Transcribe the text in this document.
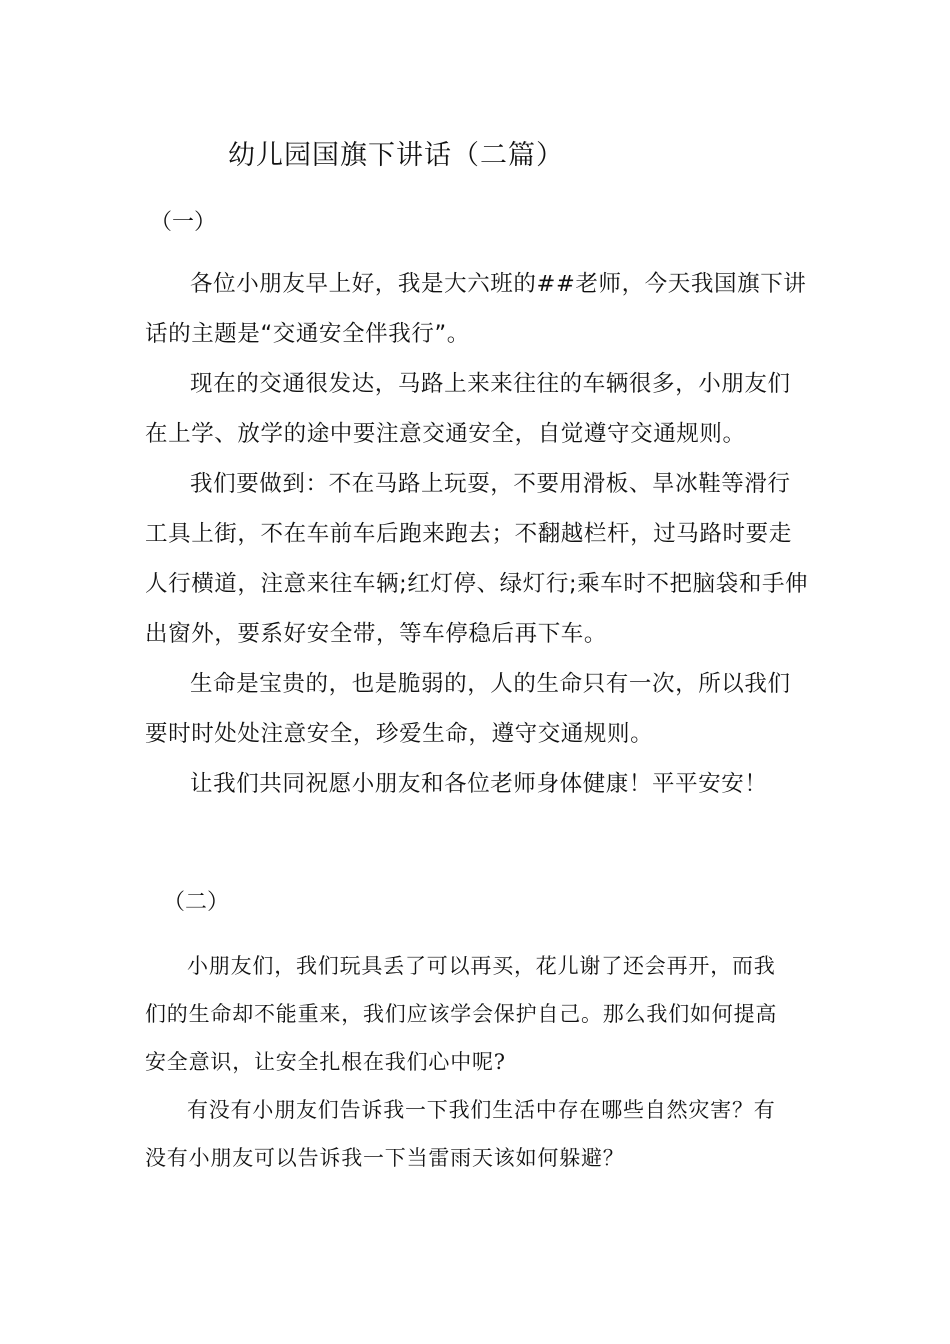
幼儿园国旗下讲话（二篇）
（一）

各位小朋友早上好，我是大六班的##老师，今天我国旗下讲话的主题是“交通安全伴我行”。

现在的交通很发达，马路上来来往往的车辆很多，小朋友们在上学、放学的途中要注意交通安全，自觉遵守交通规则。

我们要做到：不在马路上玩耍，不要用滑板、旱冰鞋等滑行工具上街，不在车前车后跑来跑去；不翻越栏杆，过马路时要走人行横道，注意来往车辆;红灯停、绿灯行;乘车时不把脑袋和手伸出窗外，要系好安全带，等车停稳后再下车。

生命是宝贵的，也是脆弱的，人的生命只有一次，所以我们要时时处处注意安全，珍爱生命，遵守交通规则。

让我们共同祝愿小朋友和各位老师身体健康！平平安安！

（二）

小朋友们，我们玩具丢了可以再买，花儿谢了还会再开，而我们的生命却不能重来，我们应该学会保护自己。那么我们如何提高安全意识，让安全扎根在我们心中呢?

有没有小朋友们告诉我一下我们生活中存在哪些自然灾害？有没有小朋友可以告诉我一下当雷雨天该如何躲避？
